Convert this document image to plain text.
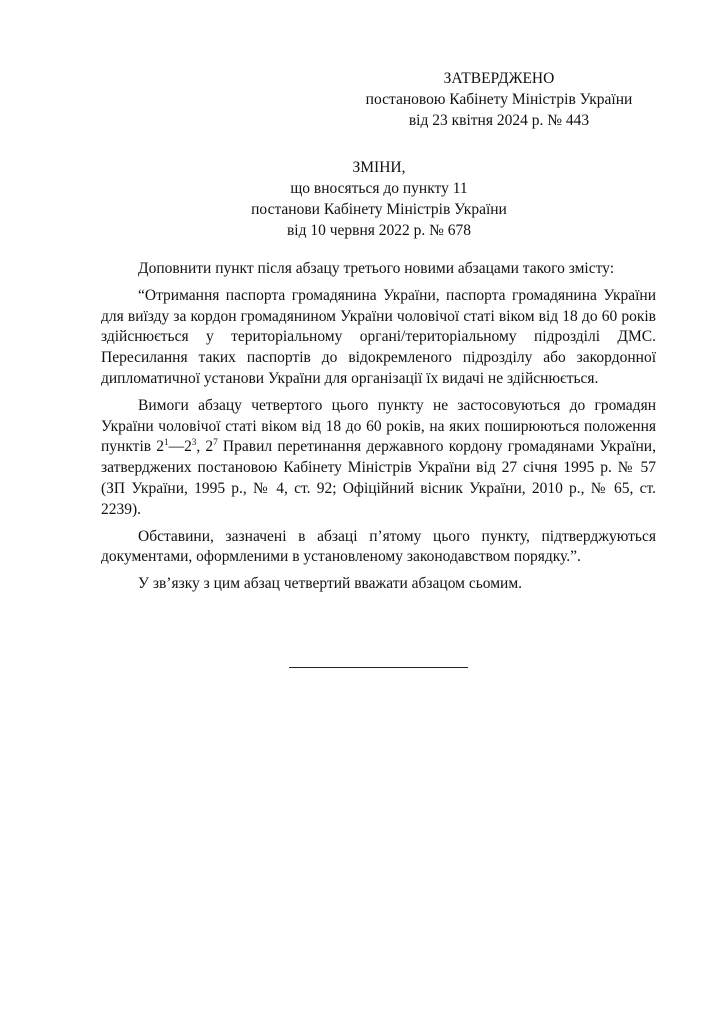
ЗАТВЕРДЖЕНО
постановою Кабінету Міністрів України
від 23 квітня 2024 р. № 443
ЗМІНИ,
що вносяться до пункту 11
постанови Кабінету Міністрів України
від 10 червня 2022 р. № 678

Доповнити пункт після абзацу третього новими абзацами такого змісту:

“Отримання паспорта громадянина України, паспорта громадянина України для виїзду за кордон громадянином України чоловічої статі віком від 18 до 60 років здійснюється у територіальному органі/територіальному підрозділі ДМС. Пересилання таких паспортів до відокремленого підрозділу або закордонної дипломатичної установи України для організації їх видачі не здійснюється.

Вимоги абзацу четвертого цього пункту не застосовуються до громадян України чоловічої статі віком від 18 до 60 років, на яких поширюються положення пунктів $2^1—2^3$, $2^7$ Правил перетинання державного кордону громадянами України, затверджених постановою Кабінету Міністрів України від 27 січня 1995 р. № 57 (ЗП України, 1995 р., № 4, ст. 92; Офіційний вісник України, 2010 р., № 65, ст. 2239).

Обставини, зазначені в абзаці п’ятому цього пункту, підтверджуються документами, оформленими в установленому законодавством порядку.”.

У зв’язку з цим абзац четвертий вважати абзацом сьомим.
